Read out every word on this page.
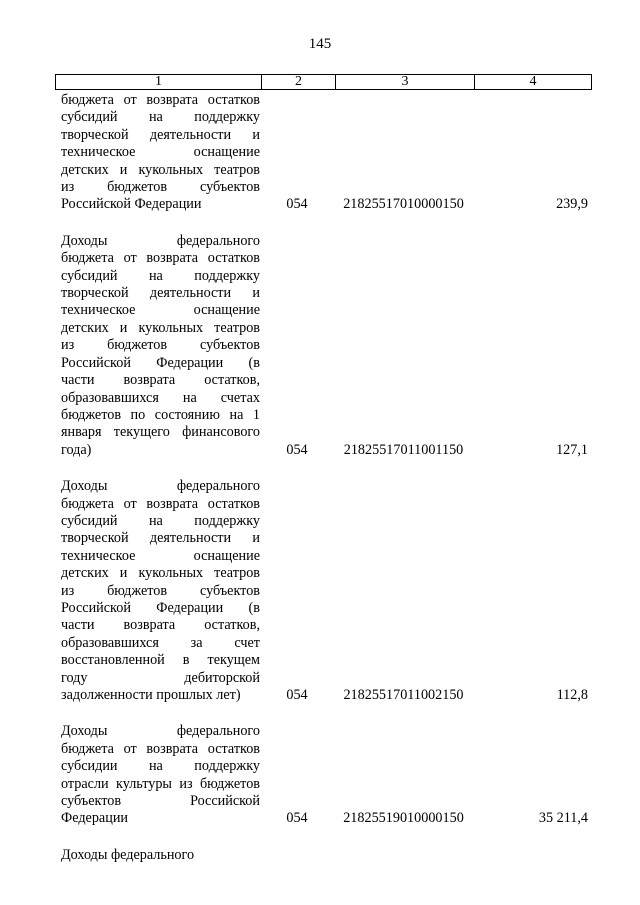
145
1	2	3	4
бюджета от возврата остатков
субсидий на поддержку
творческой деятельности и
техническое оснащение
детских и кукольных театров
из бюджетов субъектов
Российской Федерации	054	21825517010000150	239,9
Доходы федерального
бюджета от возврата остатков
субсидий на поддержку
творческой деятельности и
техническое оснащение
детских и кукольных театров
из бюджетов субъектов
Российской Федерации (в
части возврата остатков,
образовавшихся на счетах
бюджетов по состоянию на 1
января текущего финансового
года)	054	21825517011001150	127,1
Доходы федерального
бюджета от возврата остатков
субсидий на поддержку
творческой деятельности и
техническое оснащение
детских и кукольных театров
из бюджетов субъектов
Российской Федерации (в
части возврата остатков,
образовавшихся за счет
восстановленной в текущем
году дебиторской
задолженности прошлых лет)	054	21825517011002150	112,8
Доходы федерального
бюджета от возврата остатков
субсидии на поддержку
отрасли культуры из бюджетов
субъектов Российской
Федерации	054	21825519010000150	35 211,4
Доходы федерального
